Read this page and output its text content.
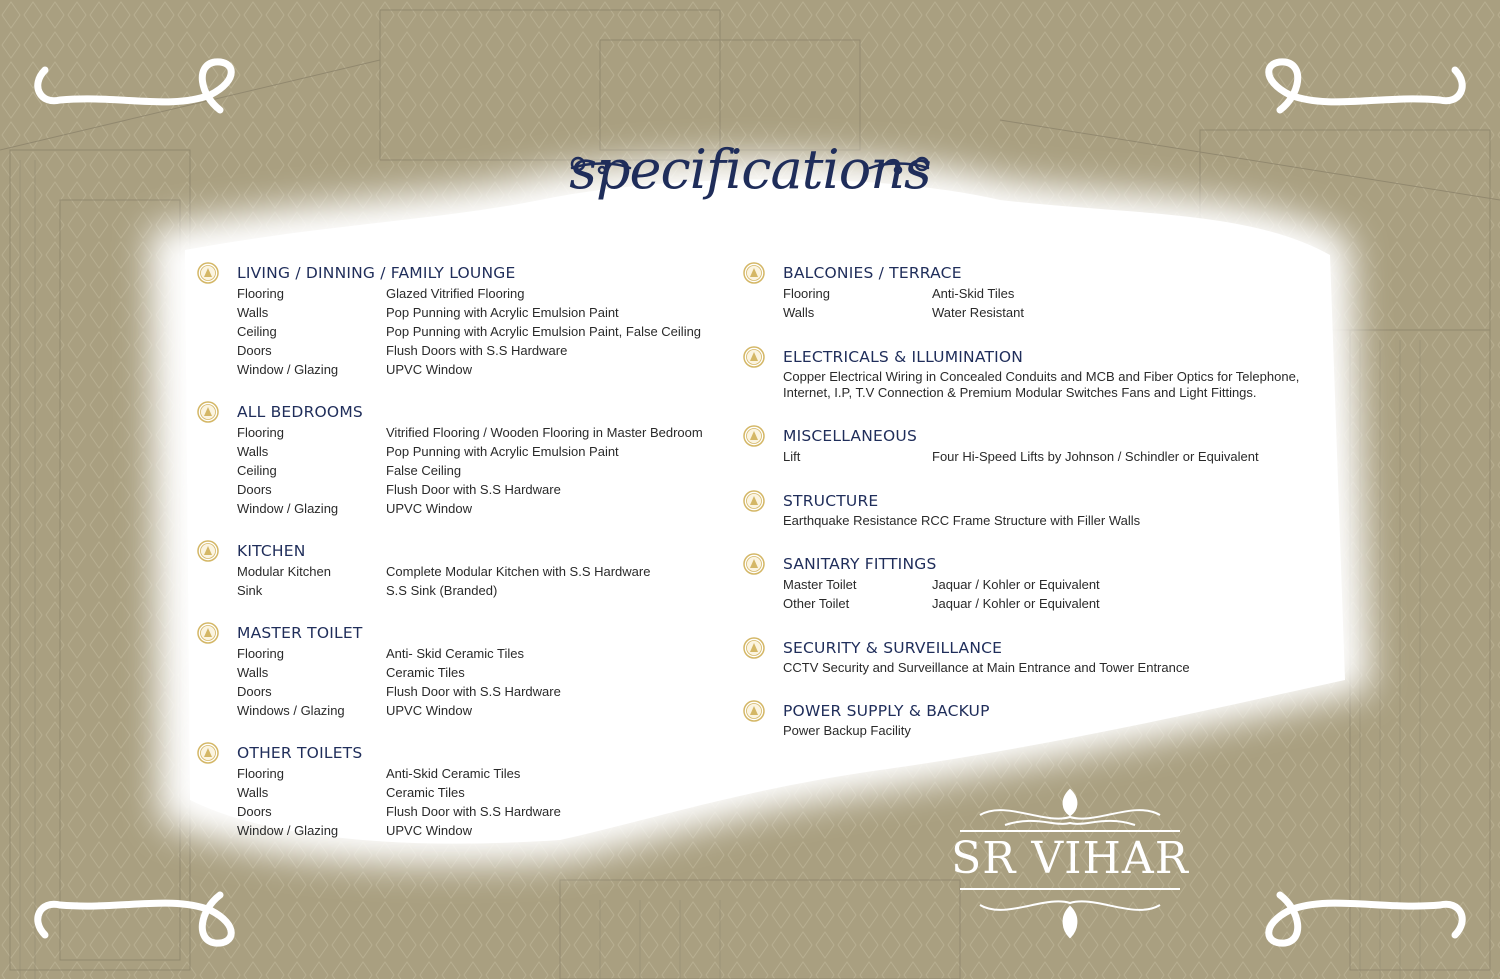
specifications
LIVING / DINNING / FAMILY LOUNGE
Flooring	Glazed Vitrified Flooring
Walls	Pop Punning with Acrylic Emulsion Paint
Ceiling	Pop Punning with Acrylic Emulsion Paint, False Ceiling
Doors	Flush Doors with S.S Hardware
Window / Glazing	UPVC Window
ALL BEDROOMS
Flooring	Vitrified Flooring / Wooden Flooring in Master Bedroom
Walls	Pop Punning with Acrylic Emulsion Paint
Ceiling	False Ceiling
Doors	Flush Door with S.S Hardware
Window / Glazing	UPVC Window
KITCHEN
Modular Kitchen	Complete Modular Kitchen with S.S Hardware
Sink	S.S Sink (Branded)
MASTER TOILET
Flooring	Anti- Skid Ceramic Tiles
Walls	Ceramic Tiles
Doors	Flush Door with S.S Hardware
Windows / Glazing	UPVC Window
OTHER TOILETS
Flooring	Anti-Skid Ceramic Tiles
Walls	Ceramic Tiles
Doors	Flush Door with S.S Hardware
Window / Glazing	UPVC Window
BALCONIES / TERRACE
Flooring	Anti-Skid Tiles
Walls	Water Resistant
ELECTRICALS & ILLUMINATION
Copper Electrical Wiring in Concealed Conduits and MCB and Fiber Optics for Telephone, Internet, I.P, T.V Connection & Premium Modular Switches Fans and Light Fittings.
MISCELLANEOUS
Lift	Four Hi-Speed Lifts by Johnson / Schindler or Equivalent
STRUCTURE
Earthquake Resistance RCC Frame Structure with Filler Walls
SANITARY FITTINGS
Master Toilet	Jaquar / Kohler or Equivalent
Other Toilet	Jaquar / Kohler or Equivalent
SECURITY & SURVEILLANCE
CCTV Security and Surveillance at Main Entrance and Tower Entrance
POWER SUPPLY & BACKUP
Power Backup Facility
SR VIHAR
